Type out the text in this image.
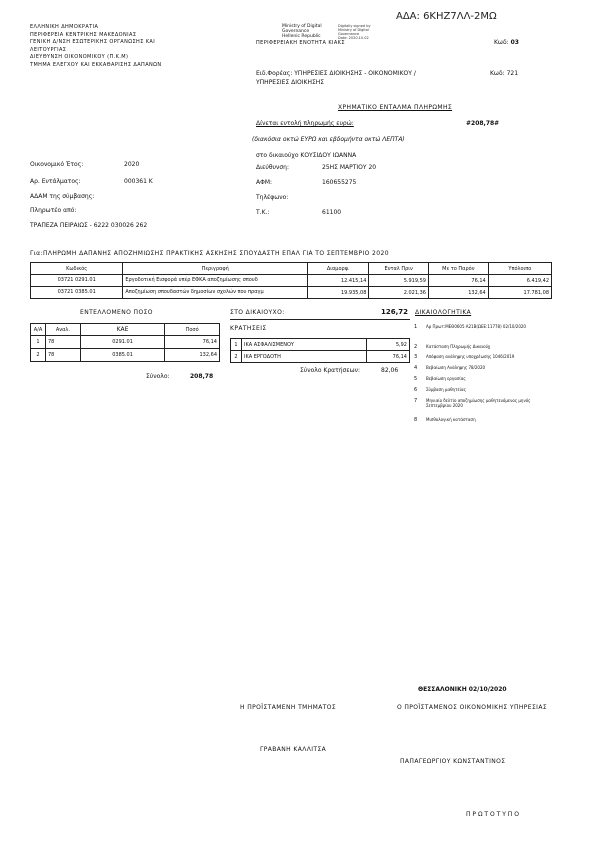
ΑΔΑ: 6ΚΗΖ7ΛΛ-2ΜΩ
ΕΛΛΗΝΙΚΗ ΔΗΜΟΚΡΑΤΙΑ
ΠΕΡΙΦΕΡΕΙΑ ΚΕΝΤΡΙΚΗΣ ΜΑΚΕΔΟΝΙΑΣ
ΓΕΝΙΚΗ Δ/ΝΣΗ ΕΣΩΤΕΡΙΚΗΣ ΟΡΓΑΝΩΣΗΣ ΚΑΙ
ΛΕΙΤΟΥΡΓΙΑΣ
ΔΙΕΥΘΥΝΣΗ ΟΙΚΟΝΟΜΙΚΟΥ (Π.Κ.Μ)
ΤΜΗΜΑ ΕΛΕΓΧΟΥ ΚΑΙ ΕΚΚΑΘΑΡΙΣΗΣ ΔΑΠΑΝΩΝ
Ministry of Digital
Governance
Hellenic Republic
Digitally signed by
Ministry of Digital
Governance
Date: 2020.10.02
ΠΕΡΙΦΕΡΕΙΑΚΗ ΕΝΟΤΗΤΑ ΚΙΑΚΣ	Κωδ: 03
Ειδ.Φορέας: ΥΠΗΡΕΣΙΕΣ ΔΙΟΙΚΗΣΗΣ - ΟΙΚΟΝΟΜΙΚΟΥ /	Κωδ: 721
ΥΠΗΡΕΣΙΕΣ ΔΙΟΙΚΗΣΗΣ
ΧΡΗΜΑΤΙΚΟ ΕΝΤΑΛΜΑ ΠΛΗΡΩΜΗΣ
Δίνεται εντολή πληρωμής ευρώ:	#208,78#
(διακόσια οκτώ ΕΥΡΩ και εβδομήντα οκτώ ΛΕΠΤΑ)
στο δικαιούχο ΚΟΥΣΙΔΟΥ ΙΩΑΝΝΑ
Οικονομικό Έτος:	2020
Αρ. Εντάλματος:	000361 Κ
ΑΔΑΜ της σύμβασης:
Πληρωτέο από:
ΤΡΑΠΕΖΑ ΠΕΙΡΑΙΩΣ - 6222 030026 262
Διεύθυνση:	25ΗΣ ΜΑΡΤΙΟΥ 20
ΑΦΜ:	160655275
Τηλέφωνο:
Τ.Κ.:	61100
Για:ΠΛΗΡΩΜΗ ΔΑΠΑΝΗΣ ΑΠΟΖΗΜΙΩΣΗΣ ΠΡΑΚΤΙΚΗΣ ΑΣΚΗΣΗΣ ΣΠΟΥΔΑΣΤΗ ΕΠΑΛ ΓΙΑ ΤΟ ΣΕΠΤΕΜΒΡΙΟ 2020
Κωδικός	Περιγραφή	Διαμορφ.	Ενταλ Πριν	Με το Παρόν	Υπόλοιπο
03721 0291.01	Εργοδοτική Εισφορά υπέρ ΕΦΚΑ αποζημίωσης σπουδ	12.415,14	5.919,59	76,14	6.419,42
03721 0385.01	Αποζημίωση σπουδαστών δημοσίων σχολών που πραγμ	19.935,08	2.021,36	132,64	17.781,08
ΕΝΤΕΛΛΟΜΕΝΟ ΠΟΣΟ
Α/Α	Αναλ.	ΚΑΕ	Ποσό
1	78	0291.01	76,14
2	78	0385.01	132,64
Σύνολο:	208,78
ΣΤΟ ΔΙΚΑΙΟΥΧΟ:	126,72
ΚΡΑΤΗΣΕΙΣ
1	ΙΚΑ ΑΣΦΑΛΙΣΜΕΝΟΥ	5,92
2	ΙΚΑ ΕΡΓΟΔΟΤΗ	76,14
Σύνολο Κρατήσεων:	82,06
ΔΙΚΑΙΟΛΟΓΗΤΙΚΑ
1 Αρ Πρωτ:ΜΕΘ0605 Α21Β(ΩΕΕ:11778) 02/10/2020
2 Κατάσταση Πληρωμής Δικαιούχ
3 Απόφαση ανάληψης υποχρέωσης 1046/2019
4 Βεβαίωση Ανάληψης 78/2020
5 Βεβαίωση εργασίας
6 Σύμβαση μαθητείας
7 Μηνιαίο δελτίο αποζημίωσης μαθητευόμενος μηνός Σεπτεμβρίου 2020
8 Μισθολογική κατάσταση
ΘΕΣΣΑΛΟΝΙΚΗ 02/10/2020
Η ΠΡΟΪΣΤΑΜΕΝΗ ΤΜΗΜΑΤΟΣ	Ο ΠΡΟΪΣΤΑΜΕΝΟΣ ΟΙΚΟΝΟΜΙΚΗΣ ΥΠΗΡΕΣΙΑΣ
ΓΡΑΒΑΝΗ ΚΑΛΛΙΤΣΑ
ΠΑΠΑΓΕΩΡΓΙΟΥ ΚΩΝΣΤΑΝΤΙΝΟΣ
Π Ρ Ω Τ Ο Τ Υ Π Ο
